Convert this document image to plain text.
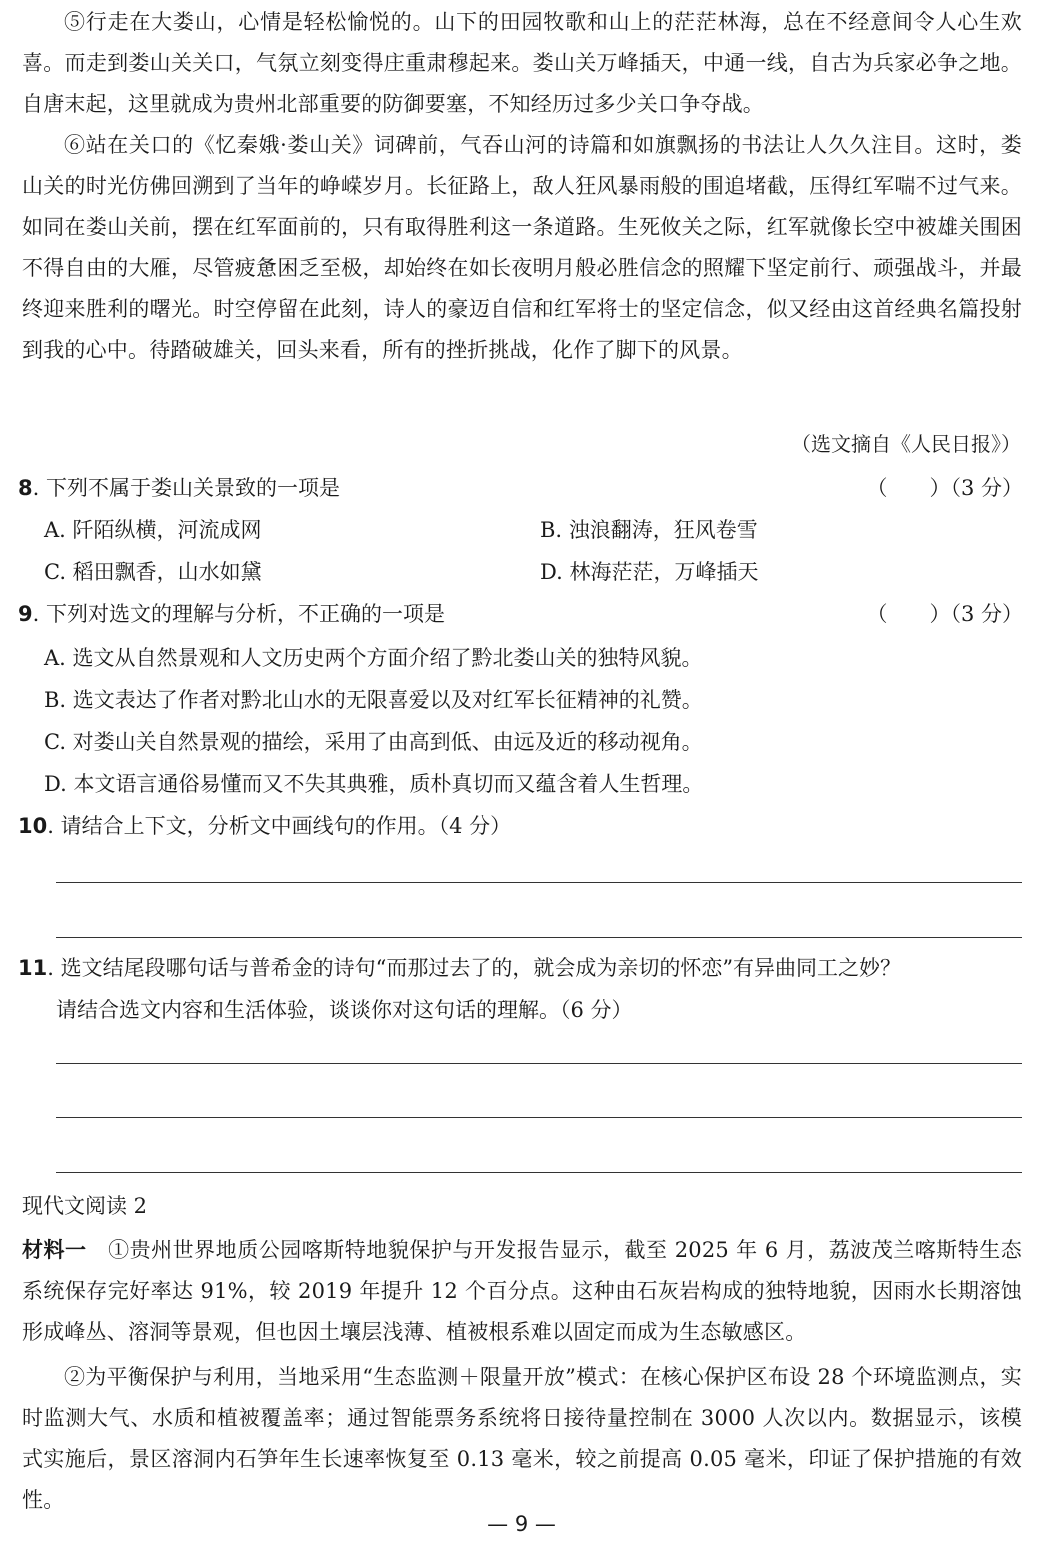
⑤行走在大娄山，心情是轻松愉悦的。山下的田园牧歌和山上的茫茫林海，总在不经意间令人心生欢喜。而走到娄山关关口，气氛立刻变得庄重肃穆起来。娄山关万峰插天，中通一线，自古为兵家必争之地。自唐末起，这里就成为贵州北部重要的防御要塞，不知经历过多少关口争夺战。

⑥站在关口的《忆秦娥·娄山关》词碑前，气吞山河的诗篇和如旗飘扬的书法让人久久注目。这时，娄山关的时光仿佛回溯到了当年的峥嵘岁月。长征路上，敌人狂风暴雨般的围追堵截，压得红军喘不过气来。如同在娄山关前，摆在红军面前的，只有取得胜利这一条道路。生死攸关之际，红军就像长空中被雄关围困不得自由的大雁，尽管疲惫困乏至极，却始终在如长夜明月般必胜信念的照耀下坚定前行、顽强战斗，并最终迎来胜利的曙光。时空停留在此刻，诗人的豪迈自信和红军将士的坚定信念，似又经由这首经典名篇投射到我的心中。待踏破雄关，回头来看，所有的挫折挑战，化作了脚下的风景。

（选文摘自《人民日报》）

8. 下列不属于娄山关景致的一项是	（　　）（3 分）

A. 阡陌纵横，河流成网	B. 浊浪翻涛，狂风卷雪

C. 稻田飘香，山水如黛	D. 林海茫茫，万峰插天

9. 下列对选文的理解与分析，不正确的一项是	（　　）（3 分）

A. 选文从自然景观和人文历史两个方面介绍了黔北娄山关的独特风貌。

B. 选文表达了作者对黔北山水的无限喜爱以及对红军长征精神的礼赞。

C. 对娄山关自然景观的描绘，采用了由高到低、由远及近的移动视角。

D. 本文语言通俗易懂而又不失其典雅，质朴真切而又蕴含着人生哲理。

10. 请结合上下文，分析文中画线句的作用。（4 分）
11. 选文结尾段哪句话与普希金的诗句“而那过去了的，就会成为亲切的怀恋”有异曲同工之妙？

请结合选文内容和生活体验，谈谈你对这句话的理解。（6 分）

现代文阅读 2

材料一　 ①贵州世界地质公园喀斯特地貌保护与开发报告显示，截至 2025 年 6 月，荔波茂兰喀斯特生态系统保存完好率达 91%，较 2019 年提升 12 个百分点。这种由石灰岩构成的独特地貌，因雨水长期溶蚀形成峰丛、溶洞等景观，但也因土壤层浅薄、植被根系难以固定而成为生态敏感区。

②为平衡保护与利用，当地采用“生态监测＋限量开放”模式：在核心保护区布设 28 个环境监测点，实时监测大气、水质和植被覆盖率；通过智能票务系统将日接待量控制在 3000 人次以内。数据显示，该模式实施后，景区溶洞内石笋年生长速率恢复至 0.13 毫米，较之前提高 0.05 毫米，印证了保护措施的有效性。

— 9 —
